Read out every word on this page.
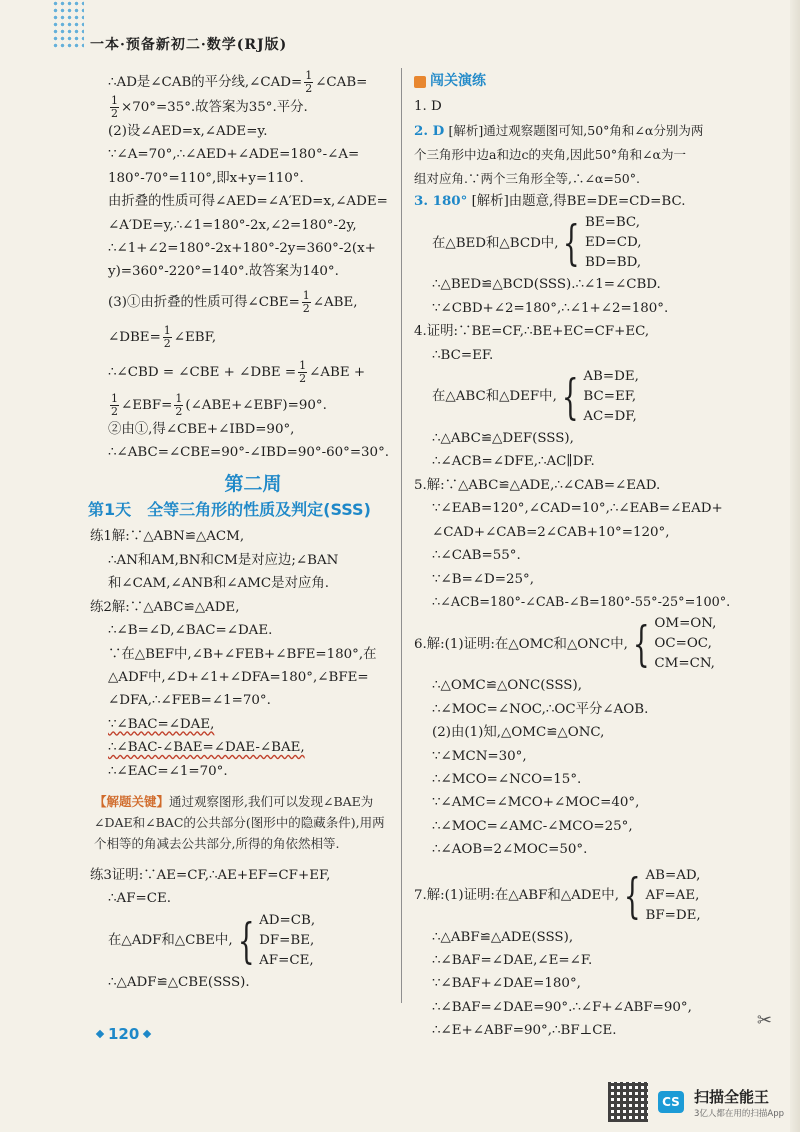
一本·预备新初二·数学(RJ版)
∴AD是∠CAB的平分线,∠CAD= $\frac{1}{2}$ ∠CAB=
$\frac{1}{2} \times 70^\circ=35^\circ$.故答案为35°.平分.
(2)设∠AED=x,∠ADE=y.
∵∠A=70°,∴∠AED+∠ADE=180°-∠A=
180°-70°=110°,即x+y=110°.
由折叠的性质可得∠AED=∠A′ED=x,∠ADE=
∠A′DE=y,∴∠1=180°-2x,∠2=180°-2y,
∴∠1+∠2=180°-2x+180°-2y=360°-2(x+
y)=360°-220°=140°.故答案为140°.
(3)①由折叠的性质可得∠CBE= $\frac{1}{2}$ ∠ABE,
∠DBE= $\frac{1}{2}$ ∠EBF,
∴∠CBD = ∠CBE + ∠DBE = $\frac{1}{2}$ ∠ABE +
$\frac{1}{2}$ ∠EBF= $\frac{1}{2}$ (∠ABE+∠EBF)=90°.
②由①,得∠CBE+∠IBD=90°,
∴∠ABC=∠CBE=90°-∠IBD=90°-60°=30°.
第二周
第1天　全等三角形的性质及判定(SSS)
练1解:∵△ABN≌△ACM,
∴AN和AM,BN和CM是对应边;∠BAN
和∠CAM,∠ANB和∠AMC是对应角.
练2解:∵△ABC≌△ADE,
∴∠B=∠D,∠BAC=∠DAE.
∵在△BEF中,∠B+∠FEB+∠BFE=180°,在
△ADF中,∠D+∠1+∠DFA=180°,∠BFE=
∠DFA,∴∠FEB=∠1=70°.
∵∠BAC=∠DAE,
∴∠BAC-∠BAE=∠DAE-∠BAE,
∴∠EAC=∠1=70°.
【解题关键】通过观察图形,我们可以发现∠BAE为∠DAE和∠BAC的公共部分(图形中的隐藏条件),用两个相等的角减去公共部分,所得的角依然相等.
练3证明:∵AE=CF,∴AE+EF=CF+EF,
∴AF=CE.
在△ADF和△CBE中, { AD=CB,
DF=BE,
AF=CE,
∴△ADF≌△CBE(SSS).
闯关演练
1. D
2. D [解析]通过观察题图可知,50°角和∠α分别为两
个三角形中边a和边c的夹角,因此50°角和∠α为一
组对应角.∵两个三角形全等,∴∠α=50°.
3. 180° [解析]由题意,得BE=DE=CD=BC.
在△BED和△BCD中, { BE=BC,
ED=CD,
BD=BD,
∴△BED≌△BCD(SSS).∴∠1=∠CBD.
∵∠CBD+∠2=180°,∴∠1+∠2=180°.
4.证明:∵BE=CF,∴BE+EC=CF+EC,
∴BC=EF.
在△ABC和△DEF中, { AB=DE,
BC=EF,
AC=DF,
∴△ABC≌△DEF(SSS),
∴∠ACB=∠DFE,∴AC∥DF.
5.解:∵△ABC≌△ADE,∴∠CAB=∠EAD.
∵∠EAB=120°,∠CAD=10°,∴∠EAB=∠EAD+
∠CAD+∠CAB=2∠CAB+10°=120°,
∴∠CAB=55°.
∵∠B=∠D=25°,
∴∠ACB=180°-∠CAB-∠B=180°-55°-25°=100°.
6.解:(1)证明:在△OMC和△ONC中, { OM=ON,
OC=OC,
CM=CN,
∴△OMC≌△ONC(SSS),
∴∠MOC=∠NOC,∴OC平分∠AOB.
(2)由(1)知,△OMC≌△ONC,
∵∠MCN=30°,
∴∠MCO=∠NCO=15°.
∵∠AMC=∠MCO+∠MOC=40°,
∴∠MOC=∠AMC-∠MCO=25°,
∴∠AOB=2∠MOC=50°.
7.解:(1)证明:在△ABF和△ADE中, { AB=AD,
AF=AE,
BF=DE,
∴△ABF≌△ADE(SSS),
∴∠BAF=∠DAE,∠E=∠F.
∵∠BAF+∠DAE=180°,
∴∠BAF=∠DAE=90°.∴∠F+∠ABF=90°,
∴∠E+∠ABF=90°,∴BF⊥CE.
120
✂
CS 扫描全能王
3亿人都在用的扫描App
